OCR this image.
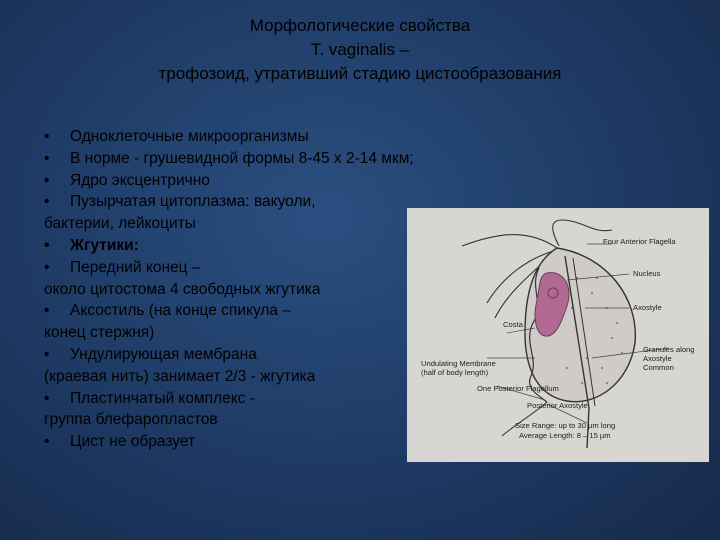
Морфологические свойства
T. vaginalis –
трофозоид, утративший стадию цистообразования
• Одноклеточные микроорганизмы
• В норме - грушевидной формы 8-45 х 2-14 мкм;
• Ядро эксцентрично
• Пузырчатая цитоплазма: вакуоли,
бактерии, лейкоциты
• Жгутики:
• Передний конец –
около цитостома 4 свободных жгутика
• Аксостиль (на конце спикула –
конец стержня)
• Ундулирующая мембрана
(краевая нить) занимает 2/3 - жгутика
• Пластинчатый комплекс -
группа блефаропластов
• Цист не образует
Four Anterior Flagella
Nucleus
Axostyle
Costa
Granules along
Axostyle
Common
Undulating Membrane
(half of body length)
One Posterior Flagellum
Posterior Axostyle
Size Range: up to 30 µm long
Average Length: 8 – 15 µm
